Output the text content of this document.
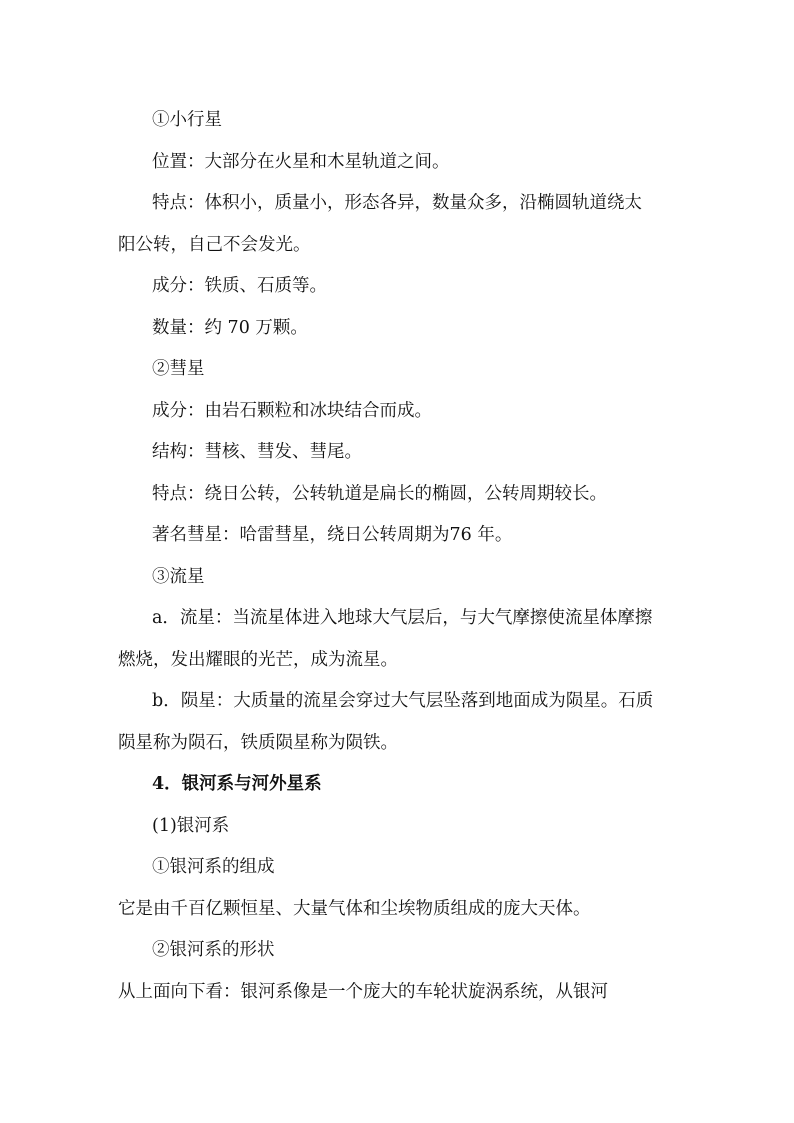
①小行星

位置：大部分在火星和木星轨道之间。

特点：体积小，质量小，形态各异，数量众多，沿椭圆轨道绕太

阳公转，自己不会发光。

成分：铁质、石质等。

数量：约 70 万颗。

②彗星

成分：由岩石颗粒和冰块结合而成。

结构：彗核、彗发、彗尾。

特点：绕日公转，公转轨道是扁长的椭圆，公转周期较长。

著名彗星：哈雷彗星，绕日公转周期为76 年。

③流星

a．流星：当流星体进入地球大气层后，与大气摩擦使流星体摩擦

燃烧，发出耀眼的光芒，成为流星。

b．陨星：大质量的流星会穿过大气层坠落到地面成为陨星。石质

陨星称为陨石，铁质陨星称为陨铁。

4．银河系与河外星系

(1)银河系

①银河系的组成

它是由千百亿颗恒星、大量气体和尘埃物质组成的庞大天体。

②银河系的形状

从上面向下看：银河系像是一个庞大的车轮状旋涡系统，从银河
